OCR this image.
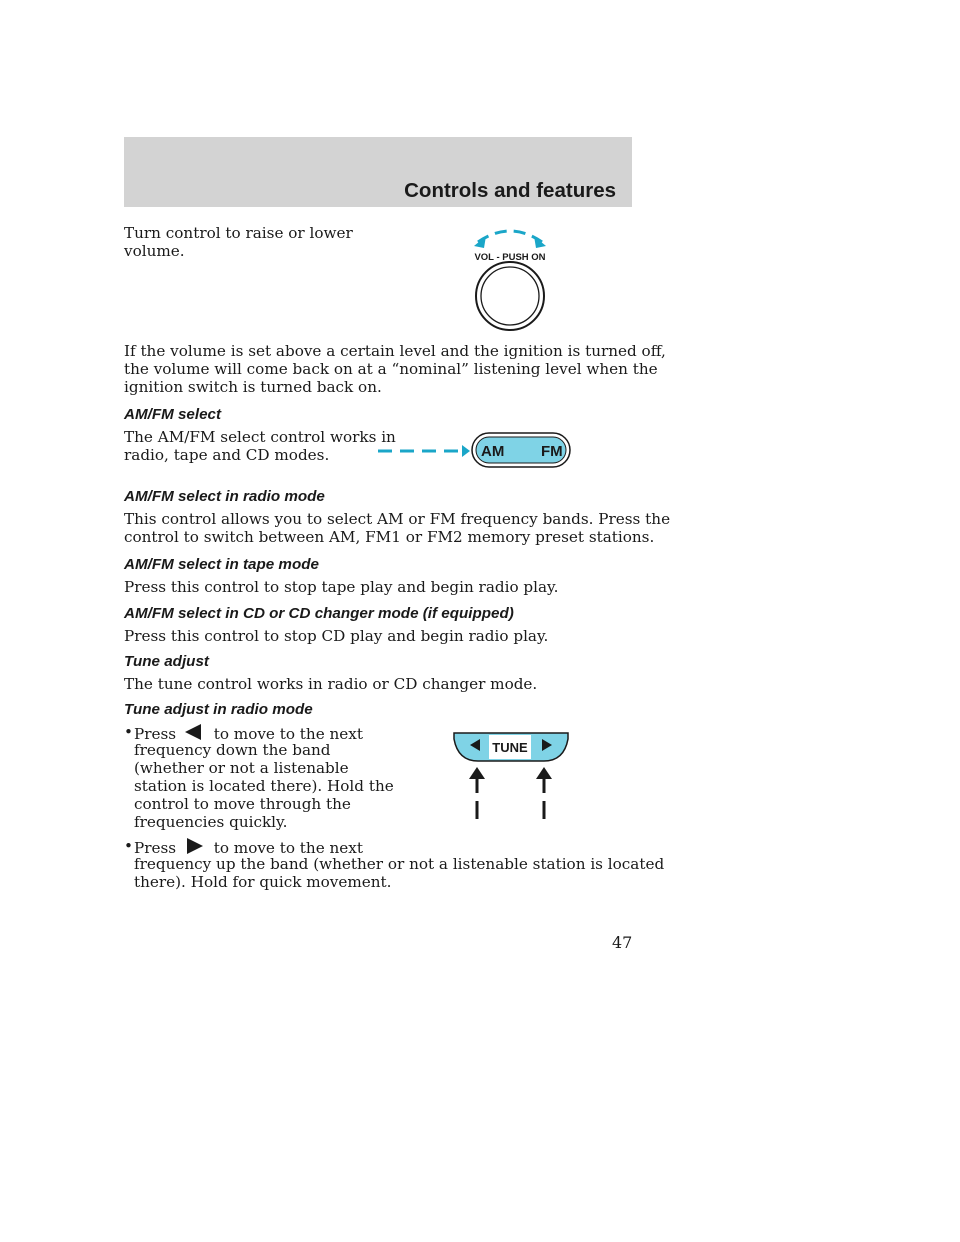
Controls and features
Turn control to raise or lower
volume.	VOL - PUSH ON
If the volume is set above a certain level and the ignition is turned off,
the volume will come back on at a “nominal” listening level when the
ignition switch is turned back on.
AM/FM select
The AM/FM select control works in
radio, tape and CD modes.	AM FM
AM/FM select in radio mode
This control allows you to select AM or FM frequency bands. Press the
control to switch between AM, FM1 or FM2 memory preset stations.
AM/FM select in tape mode
Press this control to stop tape play and begin radio play.
AM/FM select in CD or CD changer mode (if equipped)
Press this control to stop CD play and begin radio play.
Tune adjust
The tune control works in radio or CD changer mode.
Tune adjust in radio mode
• Press to move to the next
frequency down the band
(whether or not a listenable
station is located there). Hold the
control to move through the
frequencies quickly.
• Press to move to the next
frequency up the band (whether or not a listenable station is located
there). Hold for quick movement.
TUNE
47
